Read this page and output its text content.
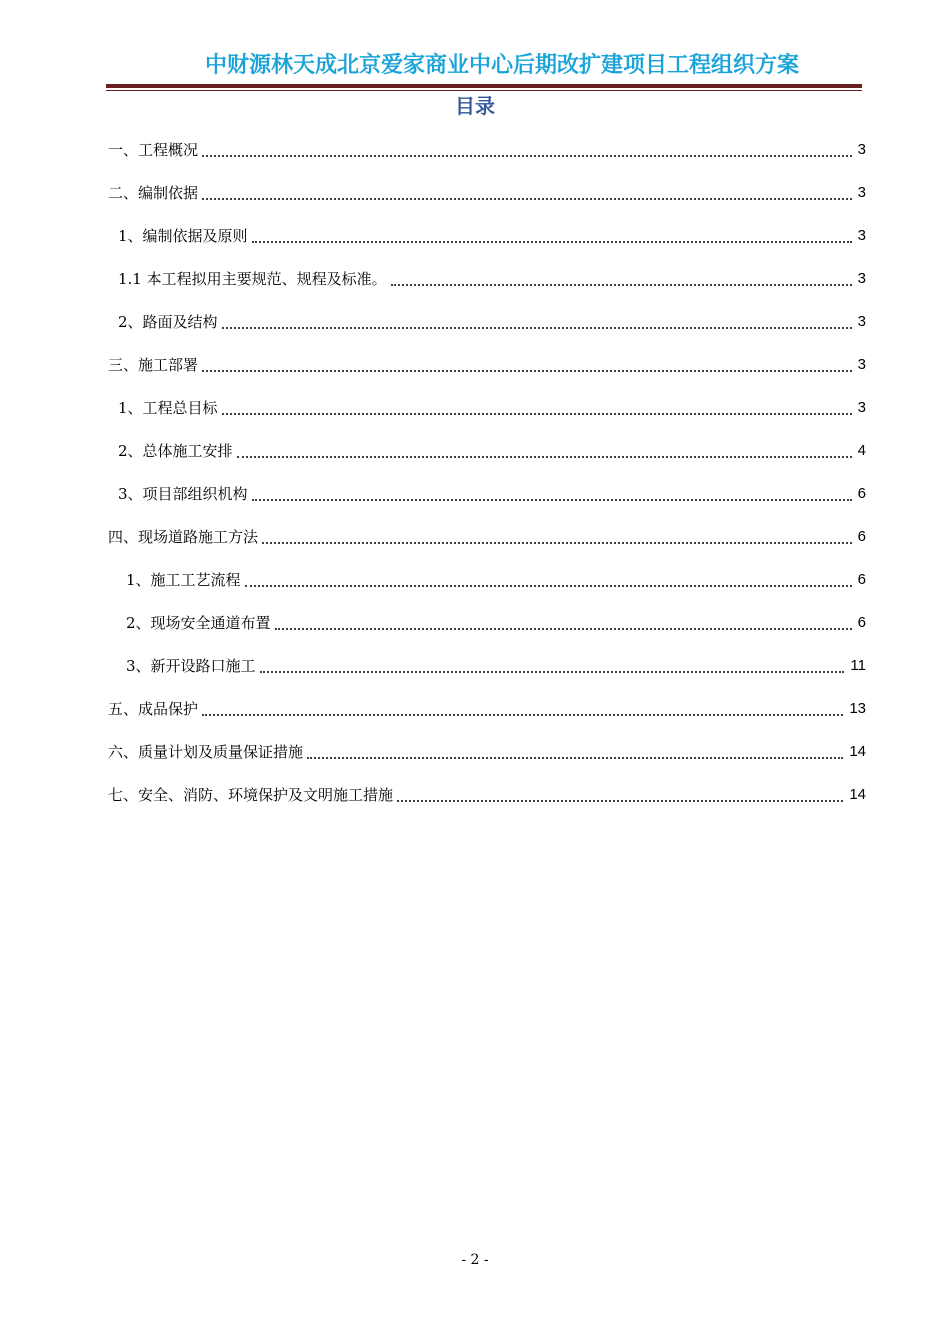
中财源林天成北京爱家商业中心后期改扩建项目工程组织方案
目录
一、工程概况	3
二、编制依据	3
1、编制依据及原则	3
1.1 本工程拟用主要规范、规程及标准。	3
2、路面及结构	3
三、施工部署	3
1、工程总目标	3
2、总体施工安排	4
3、项目部组织机构	6
四、现场道路施工方法	6
1、施工工艺流程	6
2、现场安全通道布置	6
3、新开设路口施工	11
五、成品保护	13
六、质量计划及质量保证措施	14
七、安全、消防、环境保护及文明施工措施	14
- 2 -
